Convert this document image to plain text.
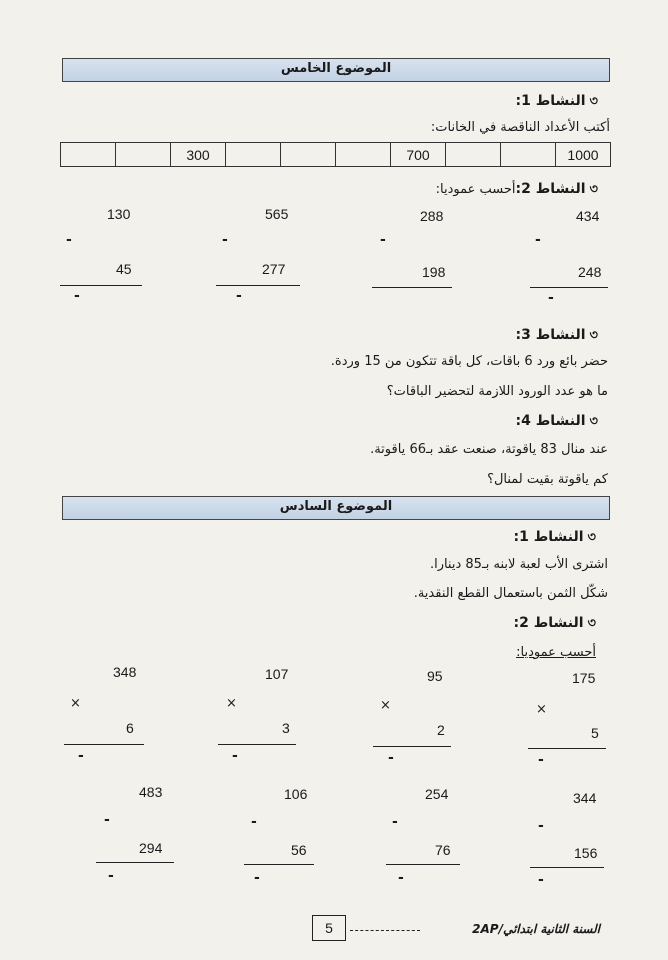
الموضوع الخامس
৩النشاط 1:
أكتب الأعداد الناقصة في الخانات:
		300				700			1000
৩النشاط 2:أحسب عموديا:
434
-
248
-
288
-
198
565
-
277
-
130
-
45
-
৩النشاط 3:
حضر بائع ورد 6 باقات، كل باقة تتكون من 15 وردة.
ما هو عدد الورود اللازمة لتحضير الباقات؟
৩النشاط 4:
عند منال 83 ياقوتة، صنعت عقد بـ66 ياقوتة.
كم ياقوتة بقيت لمنال؟
الموضوع السادس
৩النشاط 1:
اشترى الأب لعبة لابنه بـ85 دينارا.
شكّل الثمن باستعمال القطع النقدية.
৩النشاط 2:
أحسب عموديا:
175
×
5
-
95
×
2
-
107
×
3
-
348
×
6
-
344
-
156
-
254
-
76
-
106
-
56
-
483
-
294
-
5	السنة الثانية ابتدائي/2AP
